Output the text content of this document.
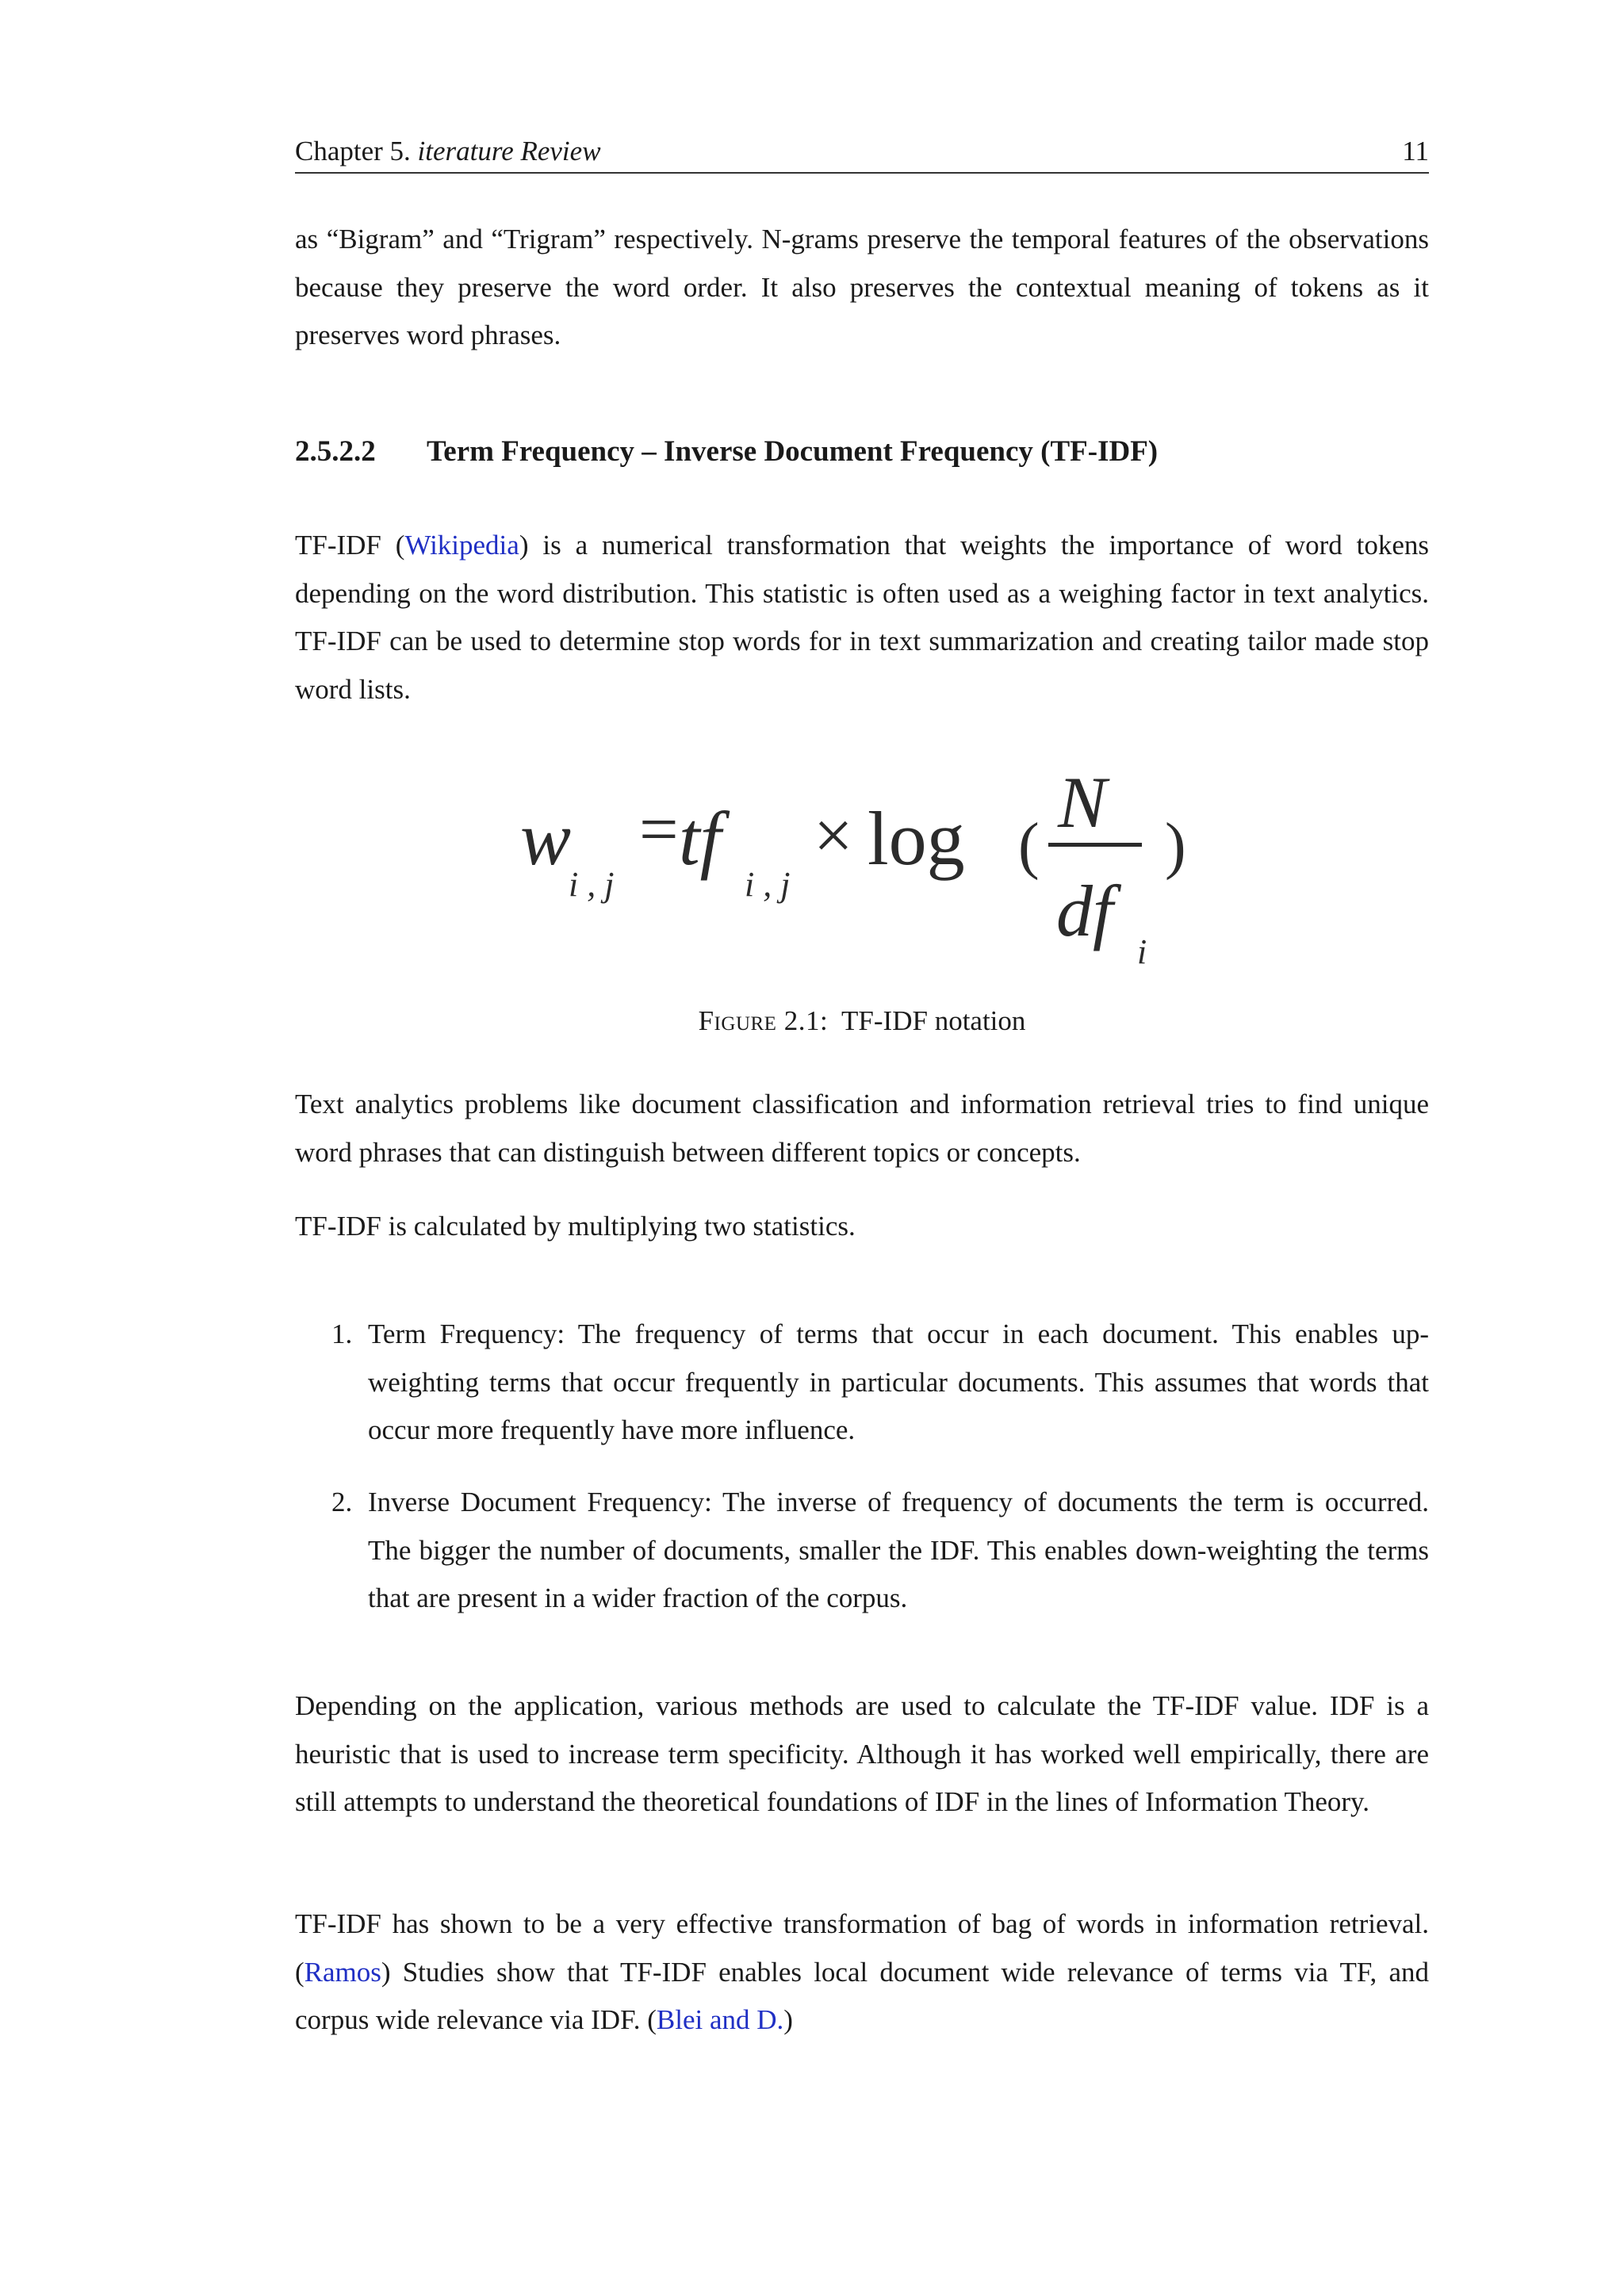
Chapter 5. iterature Review	11

as “Bigram” and “Trigram” respectively. N-grams preserve the temporal features of the observations because they preserve the word order. It also preserves the contextual meaning of tokens as it preserves word phrases.

2.5.2.2 Term Frequency – Inverse Document Frequency (TF-IDF)

TF-IDF (Wikipedia) is a numerical transformation that weights the importance of word tokens depending on the word distribution. This statistic is often used as a weighing factor in text analytics. TF-IDF can be used to determine stop words for in text summarization and creating tailor made stop word lists.

w
i , j
= tf
i , j
× log (
N
df
i
)
Figure 2.1: TF-IDF notation

Text analytics problems like document classification and information retrieval tries to find unique word phrases that can distinguish between different topics or concepts.

TF-IDF is calculated by multiplying two statistics.

1. Term Frequency: The frequency of terms that occur in each document. This enables up-weighting terms that occur frequently in particular documents. This assumes that words that occur more frequently have more influence.
2. Inverse Document Frequency: The inverse of frequency of documents the term is occurred. The bigger the number of documents, smaller the IDF. This enables down-weighting the terms that are present in a wider fraction of the corpus.

Depending on the application, various methods are used to calculate the TF-IDF value. IDF is a heuristic that is used to increase term specificity. Although it has worked well empirically, there are still attempts to understand the theoretical foundations of IDF in the lines of Information Theory.

TF-IDF has shown to be a very effective transformation of bag of words in information retrieval. (Ramos) Studies show that TF-IDF enables local document wide relevance of terms via TF, and corpus wide relevance via IDF. (Blei and D.)
